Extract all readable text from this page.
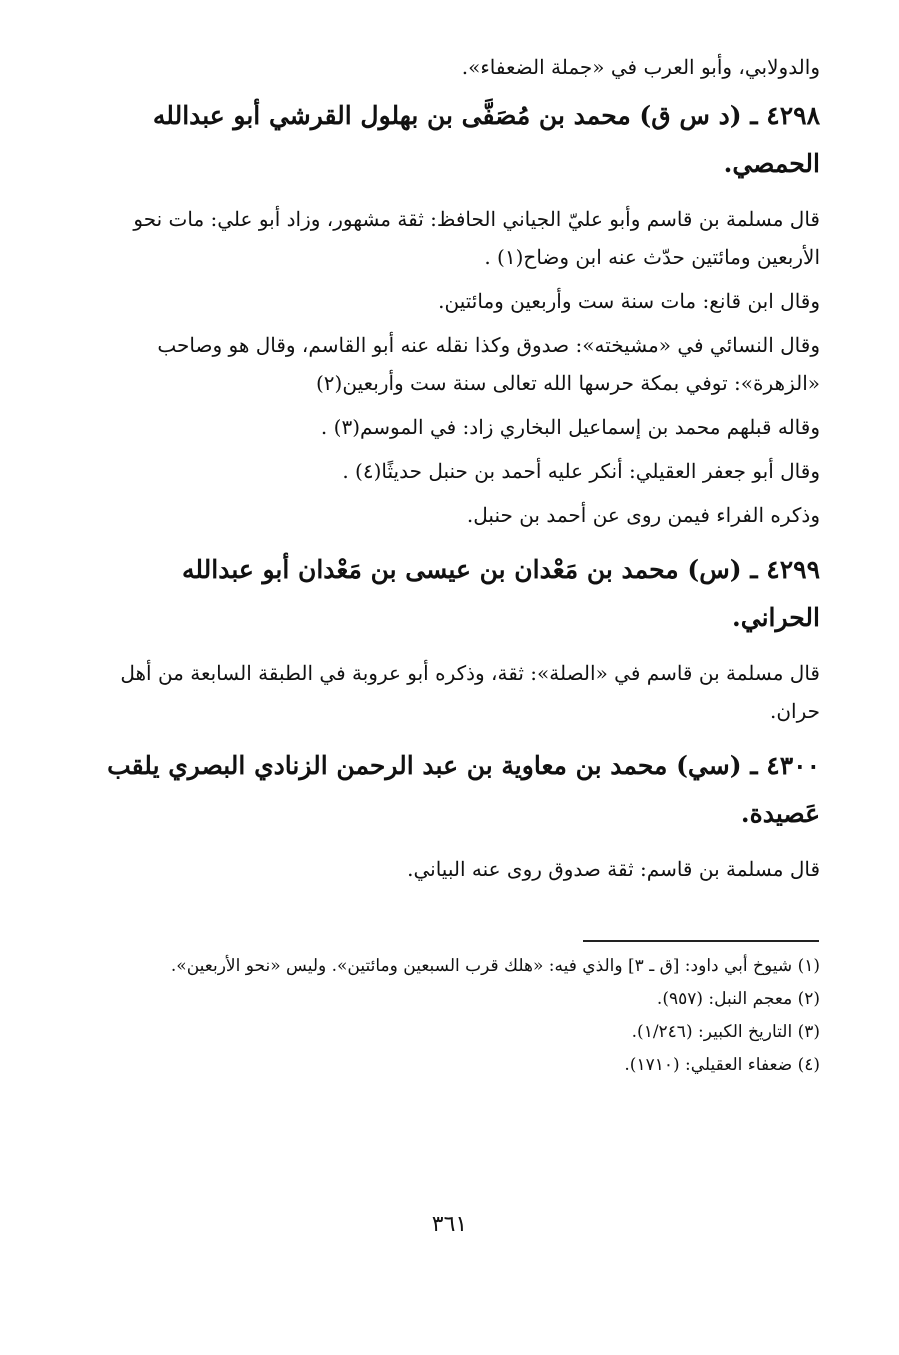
والدولابي، وأبو العرب في «جملة الضعفاء».

٤٢٩٨ ـ (د س ق) محمد بن مُصَفَّى بن بهلول القرشي أبو عبدالله الحمصي.

قال مسلمة بن قاسم وأبو عليّ الجياني الحافظ: ثقة مشهور، وزاد أبو علي: مات نحو الأربعين ومائتين حدّث عنه ابن وضاح(١) .

وقال ابن قانع: مات سنة ست وأربعين ومائتين.

وقال النسائي في «مشيخته»: صدوق وكذا نقله عنه أبو القاسم، وقال هو وصاحب «الزهرة»: توفي بمكة حرسها الله تعالى سنة ست وأربعين(٢)

وقاله قبلهم محمد بن إسماعيل البخاري زاد: في الموسم(٣) .

وقال أبو جعفر العقيلي: أنكر عليه أحمد بن حنبل حديثًا(٤) .

وذكره الفراء فيمن روى عن أحمد بن حنبل.

٤٢٩٩ ـ (س) محمد بن مَعْدان بن عيسى بن مَعْدان أبو عبدالله الحراني.

قال مسلمة بن قاسم في «الصلة»: ثقة، وذكره أبو عروبة في الطبقة السابعة من أهل حران.

٤٣٠٠ ـ (سي) محمد بن معاوية بن عبد الرحمن الزنادي البصري يلقب عَصيدة.

قال مسلمة بن قاسم: ثقة صدوق روى عنه البياني.

(١) شيوخ أبي داود: [ق ـ ٣] والذي فيه: «هلك قرب السبعين ومائتين». وليس «نحو الأربعين».

(٢) معجم النبل: (٩٥٧).

(٣) التاريخ الكبير: (١/٢٤٦).

(٤) ضعفاء العقيلي: (١٧١٠).

٣٦١
